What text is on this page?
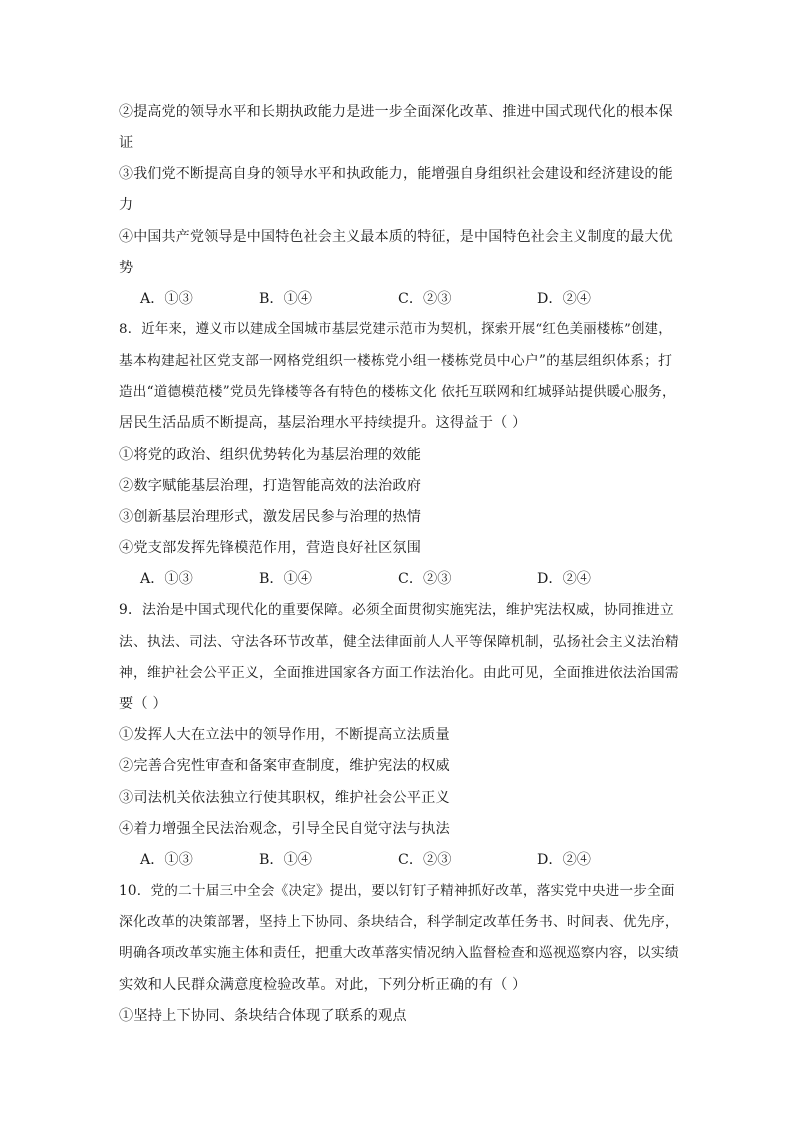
②提高党的领导水平和长期执政能力是进一步全面深化改革、推进中国式现代化的根本保
证
③我们党不断提高自身的领导水平和执政能力，能增强自身组织社会建设和经济建设的能
力
④中国共产党领导是中国特色社会主义最本质的特征，是中国特色社会主义制度的最大优
势
A．①③	B．①④	C．②③	D．②④
8．近年来，遵义市以建成全国城市基层党建示范市为契机，探索开展“红色美丽楼栋”创建，
基本构建起社区党支部一网格党组织一楼栋党小组一楼栋党员中心户”的基层组织体系；打
造出“道德模范楼”党员先锋楼等各有特色的楼栋文化 依托互联网和红城驿站提供暖心服务，
居民生活品质不断提高，基层治理水平持续提升。这得益于（ ）
①将党的政治、组织优势转化为基层治理的效能
②数字赋能基层治理，打造智能高效的法治政府
③创新基层治理形式，激发居民参与治理的热情
④党支部发挥先锋模范作用，营造良好社区氛围
A．①③	B．①④	C．②③	D．②④
9．法治是中国式现代化的重要保障。必须全面贯彻实施宪法，维护宪法权威，协同推进立
法、执法、司法、守法各环节改革，健全法律面前人人平等保障机制，弘扬社会主义法治精
神，维护社会公平正义，全面推进国家各方面工作法治化。由此可见，全面推进依法治国需
要（ ）
①发挥人大在立法中的领导作用，不断提高立法质量
②完善合宪性审查和备案审查制度，维护宪法的权威
③司法机关依法独立行使其职权，维护社会公平正义
④着力增强全民法治观念，引导全民自觉守法与执法
A．①③	B．①④	C．②③	D．②④
10．党的二十届三中全会《决定》提出，要以钉钉子精神抓好改革，落实党中央进一步全面
深化改革的决策部署，坚持上下协同、条块结合，科学制定改革任务书、时间表、优先序，
明确各项改革实施主体和责任，把重大改革落实情况纳入监督检查和巡视巡察内容，以实绩
实效和人民群众满意度检验改革。对此，下列分析正确的有（ ）
①坚持上下协同、条块结合体现了联系的观点
